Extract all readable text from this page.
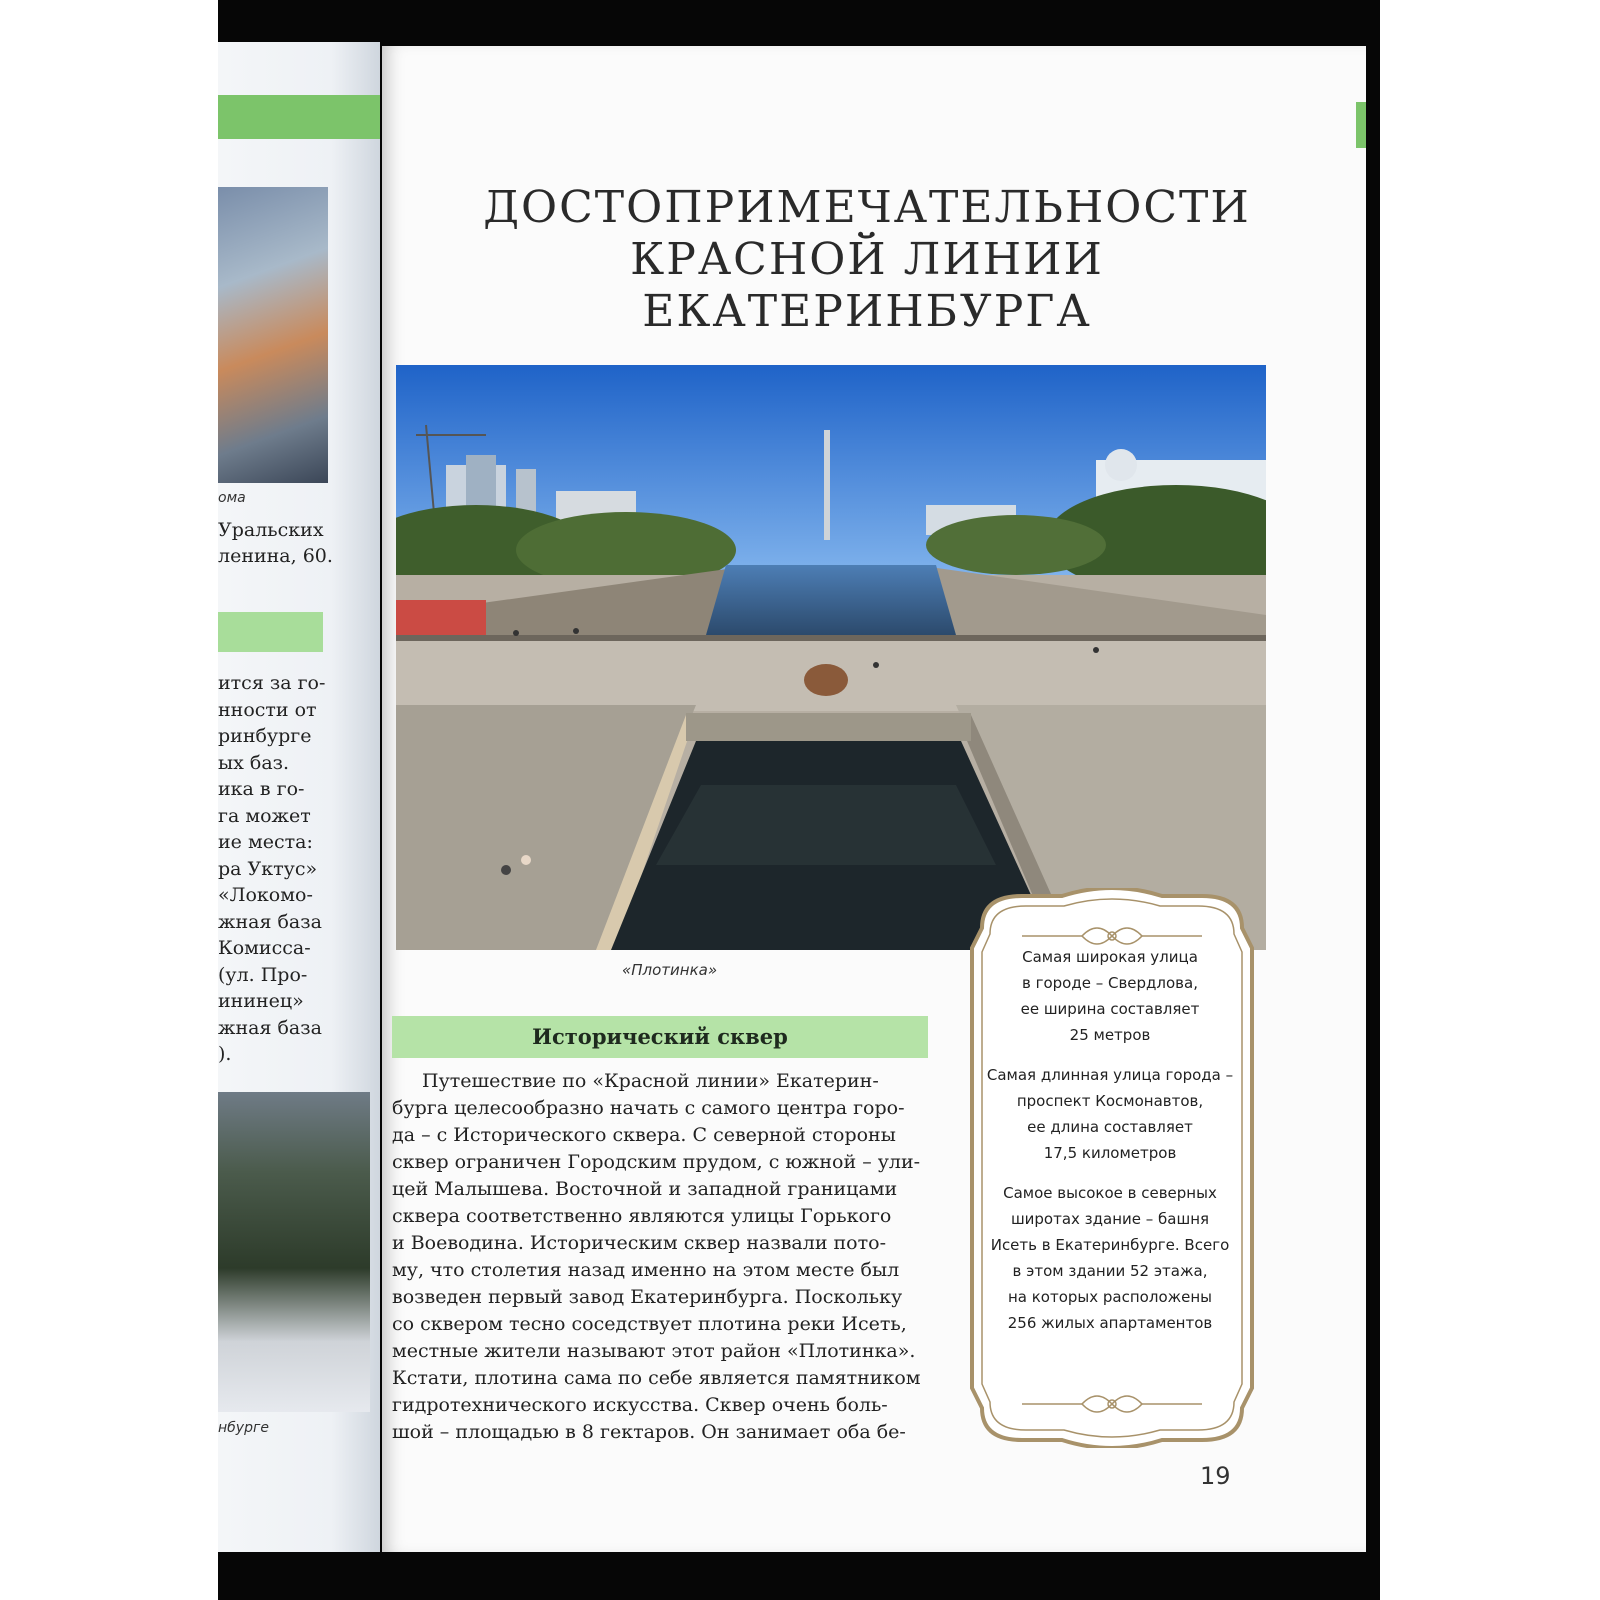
ома
Уральских
ленина, 60.
ится за го-
нности от
ринбурге
ых баз.
ика в го-
га может
ие места:
ра Уктус»
«Локомо-
жная база
Комисса-
(ул. Про-
ининец»
жная база
).
нбурге
ДОСТОПРИМЕЧАТЕЛЬНОСТИ
КРАСНОЙ ЛИНИИ
ЕКАТЕРИНБУРГА
«Плотинка»
Исторический сквер
Путешествие по «Красной линии» Екатерин-
бурга целесообразно начать с самого центра горо-
да – с Исторического сквера. С северной стороны
сквер ограничен Городским прудом, с южной – ули-
цей Малышева. Восточной и западной границами
сквера соответственно являются улицы Горького
и Воеводина. Историческим сквер назвали пото-
му, что столетия назад именно на этом месте был
возведен первый завод Екатеринбурга. Поскольку
со сквером тесно соседствует плотина реки Исеть,
местные жители называют этот район «Плотинка».
Кстати, плотина сама по себе является памятником
гидротехнического искусства. Сквер очень боль-
шой – площадью в 8 гектаров. Он занимает оба бе-
Самая широкая улица
в городе – Свердлова,
ее ширина составляет
25 метров
Самая длинная улица города –
проспект Космонавтов,
ее длина составляет
17,5 километров
Самое высокое в северных
широтах здание – башня
Исеть в Екатеринбурге. Всего
в этом здании 52 этажа,
на которых расположены
256 жилых апартаментов
19
